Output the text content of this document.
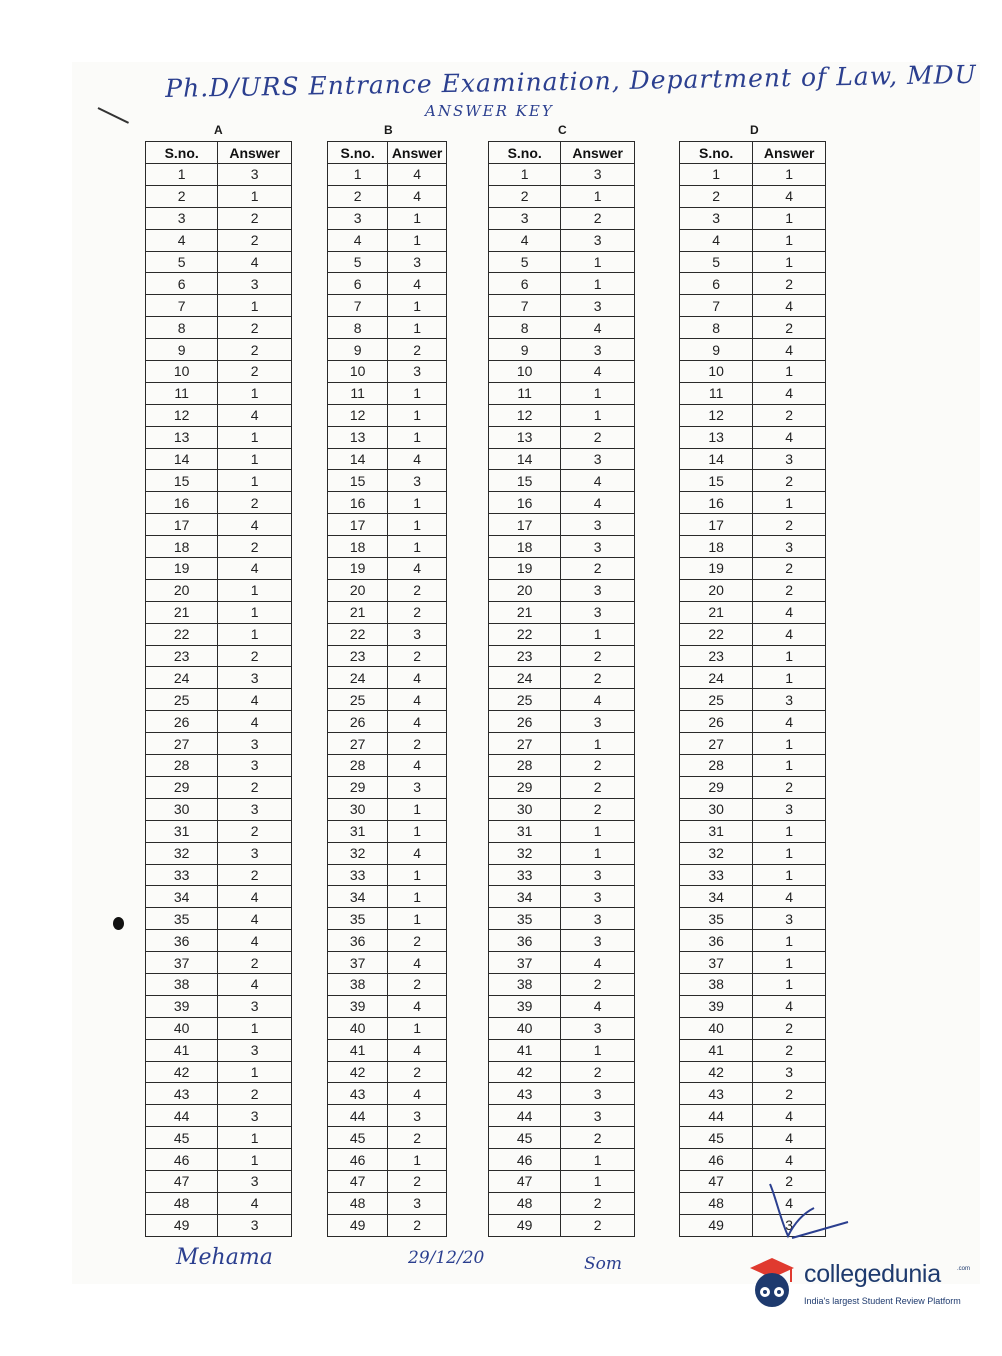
Ph.D/URS Entrance Examination, Department of Law, MDU
ANSWER KEY
A	B	C	D
S.no.	Answer
1	3
2	1
3	2
4	2
5	4
6	3
7	1
8	2
9	2
10	2
11	1
12	4
13	1
14	1
15	1
16	2
17	4
18	2
19	4
20	1
21	1
22	1
23	2
24	3
25	4
26	4
27	3
28	3
29	2
30	3
31	2
32	3
33	2
34	4
35	4
36	4
37	2
38	4
39	3
40	1
41	3
42	1
43	2
44	3
45	1
46	1
47	3
48	4
49	3
S.no.	Answer
1	4
2	4
3	1
4	1
5	3
6	4
7	1
8	1
9	2
10	3
11	1
12	1
13	1
14	4
15	3
16	1
17	1
18	1
19	4
20	2
21	2
22	3
23	2
24	4
25	4
26	4
27	2
28	4
29	3
30	1
31	1
32	4
33	1
34	1
35	1
36	2
37	4
38	2
39	4
40	1
41	4
42	2
43	4
44	3
45	2
46	1
47	2
48	3
49	2
S.no.	Answer
1	3
2	1
3	2
4	3
5	1
6	1
7	3
8	4
9	3
10	4
11	1
12	1
13	2
14	3
15	4
16	4
17	3
18	3
19	2
20	3
21	3
22	1
23	2
24	2
25	4
26	3
27	1
28	2
29	2
30	2
31	1
32	1
33	3
34	3
35	3
36	3
37	4
38	2
39	4
40	3
41	1
42	2
43	3
44	3
45	2
46	1
47	1
48	2
49	2
S.no.	Answer
1	1
2	4
3	1
4	1
5	1
6	2
7	4
8	2
9	4
10	1
11	4
12	2
13	4
14	3
15	2
16	1
17	2
18	3
19	2
20	2
21	4
22	4
23	1
24	1
25	3
26	4
27	1
28	1
29	2
30	3
31	1
32	1
33	1
34	4
35	3
36	1
37	1
38	1
39	4
40	2
41	2
42	3
43	2
44	4
45	4
46	4
47	2
48	4
49	3
Mehama	29/12/20	Som	collegedunia	.com
India's largest Student Review Platform
